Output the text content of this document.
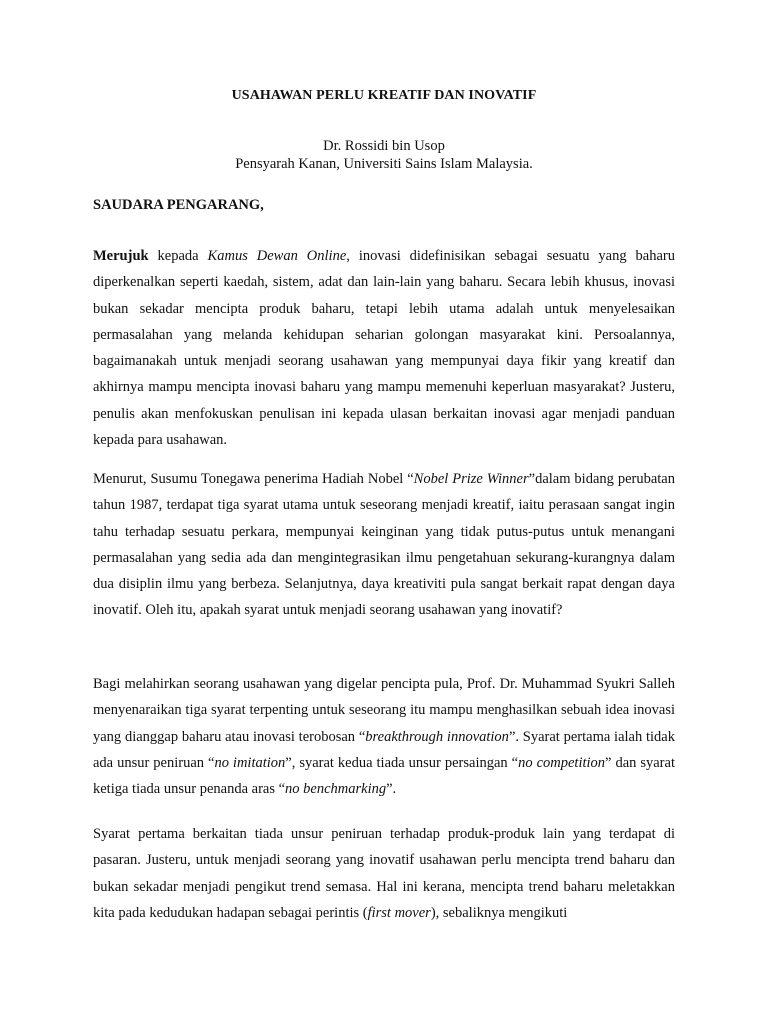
USAHAWAN PERLU KREATIF DAN INOVATIF
Dr. Rossidi bin Usop
Pensyarah Kanan, Universiti Sains Islam Malaysia.
SAUDARA PENGARANG,

Merujuk kepada Kamus Dewan Online, inovasi didefinisikan sebagai sesuatu yang baharu diperkenalkan seperti kaedah, sistem, adat dan lain-lain yang baharu. Secara lebih khusus, inovasi bukan sekadar mencipta produk baharu, tetapi lebih utama adalah untuk menyelesaikan permasalahan yang melanda kehidupan seharian golongan masyarakat kini. Persoalannya, bagaimanakah untuk menjadi seorang usahawan yang mempunyai daya fikir yang kreatif dan akhirnya mampu mencipta inovasi baharu yang mampu memenuhi keperluan masyarakat? Justeru, penulis akan menfokuskan penulisan ini kepada ulasan berkaitan inovasi agar menjadi panduan kepada para usahawan.

Menurut, Susumu Tonegawa penerima Hadiah Nobel “Nobel Prize Winner”dalam bidang perubatan tahun 1987, terdapat tiga syarat utama untuk seseorang menjadi kreatif, iaitu perasaan sangat ingin tahu terhadap sesuatu perkara, mempunyai keinginan yang tidak putus-putus untuk menangani permasalahan yang sedia ada dan mengintegrasikan ilmu pengetahuan sekurang-kurangnya dalam dua disiplin ilmu yang berbeza. Selanjutnya, daya kreativiti pula sangat berkait rapat dengan daya inovatif. Oleh itu, apakah syarat untuk menjadi seorang usahawan yang inovatif?

Bagi melahirkan seorang usahawan yang digelar pencipta pula, Prof. Dr. Muhammad Syukri Salleh menyenaraikan tiga syarat terpenting untuk seseorang itu mampu menghasilkan sebuah idea inovasi yang dianggap baharu atau inovasi terobosan “breakthrough innovation”. Syarat pertama ialah tidak ada unsur peniruan “no imitation”, syarat kedua tiada unsur persaingan “no competition” dan syarat ketiga tiada unsur penanda aras “no benchmarking”.

Syarat pertama berkaitan tiada unsur peniruan terhadap produk-produk lain yang terdapat di pasaran. Justeru, untuk menjadi seorang yang inovatif usahawan perlu mencipta trend baharu dan bukan sekadar menjadi pengikut trend semasa. Hal ini kerana, mencipta trend baharu meletakkan kita pada kedudukan hadapan sebagai perintis (first mover), sebaliknya mengikuti
